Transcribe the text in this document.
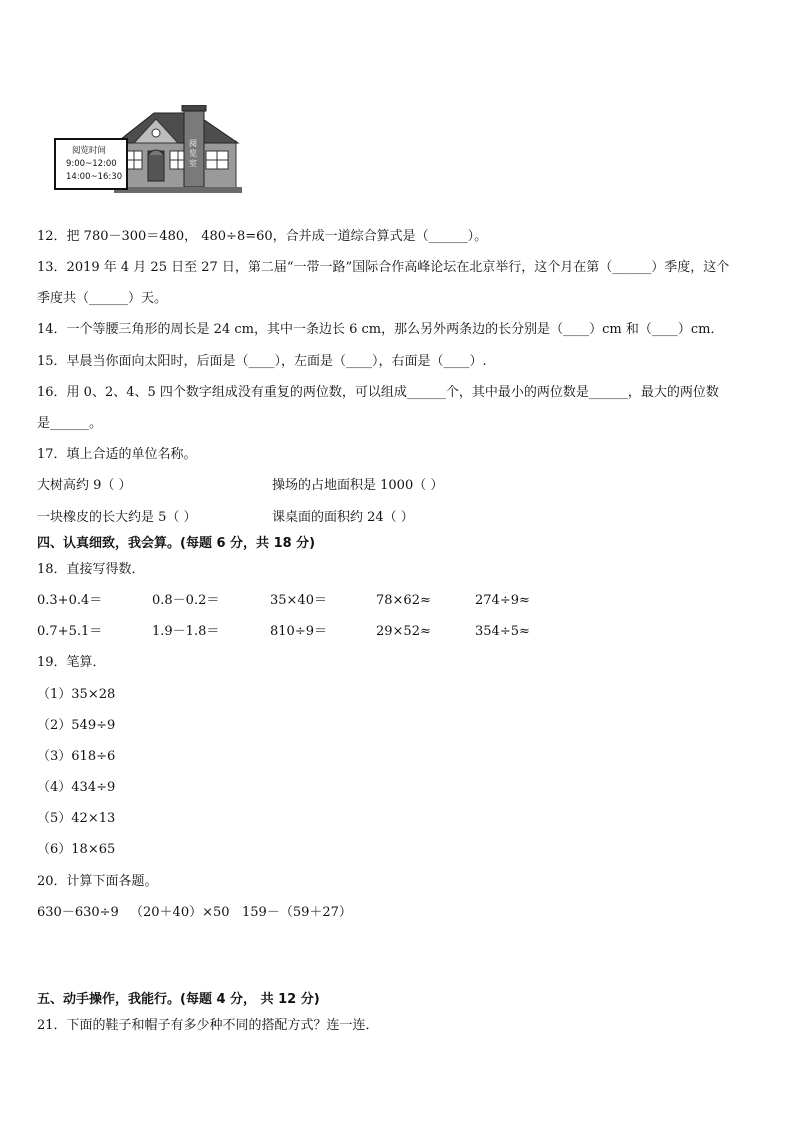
阅览时间
9:00~12:00
14:00~16:30
阅览室
12．把 780－300＝480， 480÷8=60，合并成一道综合算式是（______）。
13．2019 年 4 月 25 日至 27 日，第二届“一带一路”国际合作高峰论坛在北京举行，这个月在第（______）季度，这个
季度共（______）天。
14．一个等腰三角形的周长是 24 cm，其中一条边长 6 cm，那么另外两条边的长分别是（____）cm 和（____）cm．
15．早晨当你面向太阳时，后面是（____），左面是（____），右面是（____）.
16．用 0、2、4、5 四个数字组成没有重复的两位数，可以组成______个，其中最小的两位数是______，最大的两位数
是______。
17．填上合适的单位名称。
大树高约 9（ ）	操场的占地面积是 1000（ ）
一块橡皮的长大约是 5（ ）	课桌面的面积约 24（ ）
四、认真细致，我会算。(每题 6 分，共 18 分)
18．直接写得数．
0.3+0.4＝	0.8－0.2＝	35×40＝	78×62≈	274÷9≈
0.7+5.1＝	1.9－1.8＝	810÷9＝	29×52≈	354÷5≈
19．笔算．
（1）35×28
（2）549÷9
（3）618÷6
（4）434÷9
（5）42×13
（6）18×65
20．计算下面各题。
630－630÷9 （20＋40）×50 159－（59＋27）
五、动手操作，我能行。(每题 4 分， 共 12 分)
21．下面的鞋子和帽子有多少种不同的搭配方式？连一连．
